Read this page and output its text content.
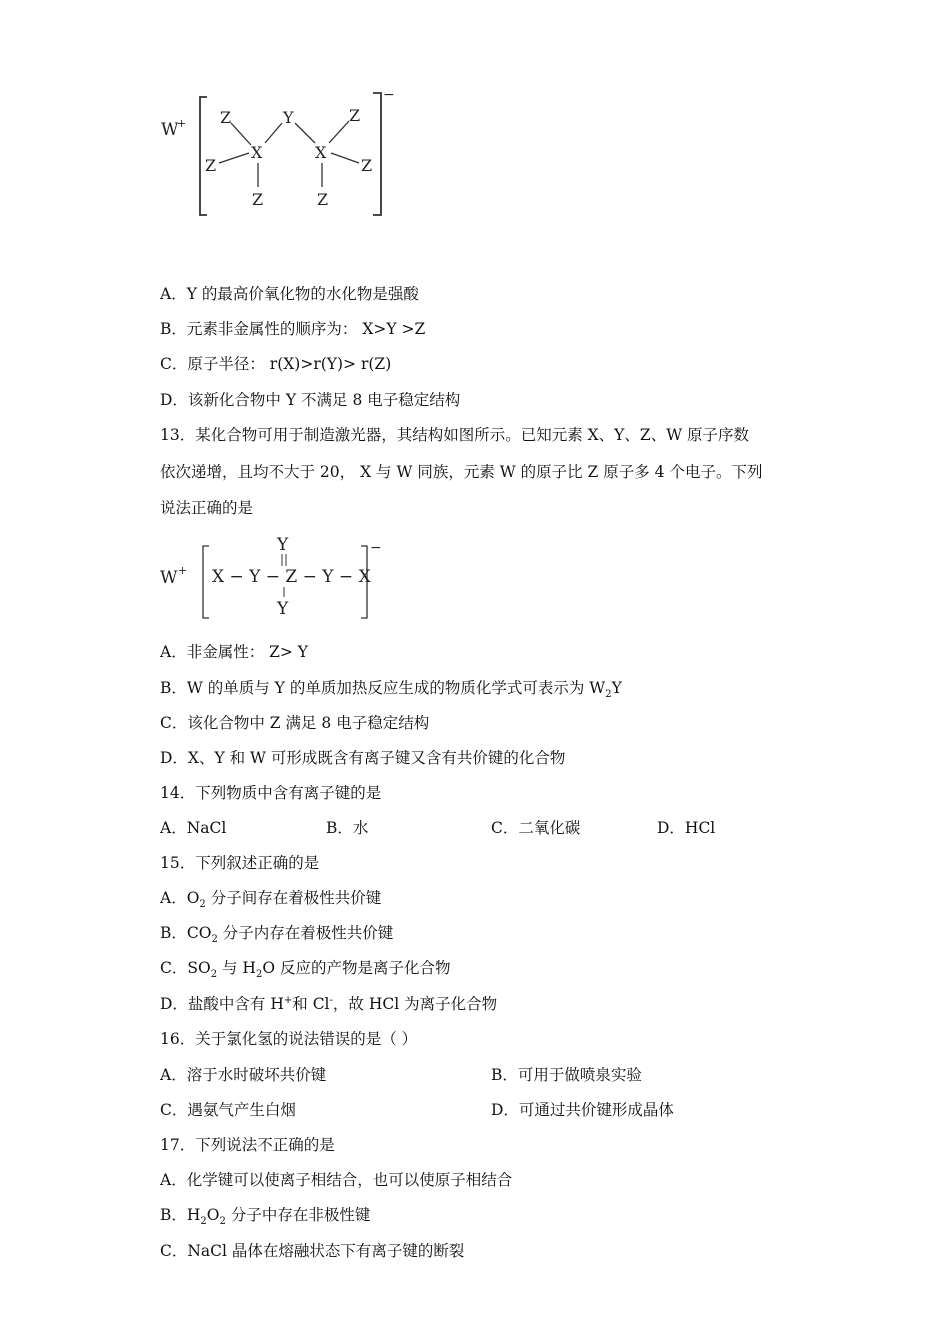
W
+
−
Z
Z
X
Y
X
Z
Z
Z	Z
A．Y 的最高价氧化物的水化物是强酸
B．元素非金属性的顺序为： X>Y >Z
C．原子半径： r(X)>r(Y)> r(Z)
D．该新化合物中 Y 不满足 8 电子稳定结构
13．某化合物可用于制造激光器，其结构如图所示。已知元素 X、Y、Z、W 原子序数
依次递增，且均不大于 20， X 与 W 同族，元素 W 的原子比 Z 原子多 4 个电子。下列
说法正确的是
W +
−
Y
X − Y − Z − Y − X
Y
A．非金属性： Z> Y
B．W 的单质与 Y 的单质加热反应生成的物质化学式可表示为 $W_2Y$
C．该化合物中 Z 满足 8 电子稳定结构
D．X、Y 和 W 可形成既含有离子键又含有共价键的化合物
14．下列物质中含有离子键的是
A．NaCl	B．水	C．二氧化碳	D．HCl
15．下列叙述正确的是
A．$O_2$ 分子间存在着极性共价键
B．$CO_2$ 分子内存在着极性共价键
C．$SO_2$ 与 $H_2O$ 反应的产物是离子化合物
D．盐酸中含有 H+和 Cl-，故 HCl 为离子化合物
16．关于氯化氢的说法错误的是（ ）
A．溶于水时破坏共价键	B．可用于做喷泉实验
C．遇氨气产生白烟	D．可通过共价键形成晶体
17．下列说法不正确的是
A．化学键可以使离子相结合，也可以使原子相结合
B．$H_2O_2$ 分子中存在非极性键
C．NaCl 晶体在熔融状态下有离子键的断裂
